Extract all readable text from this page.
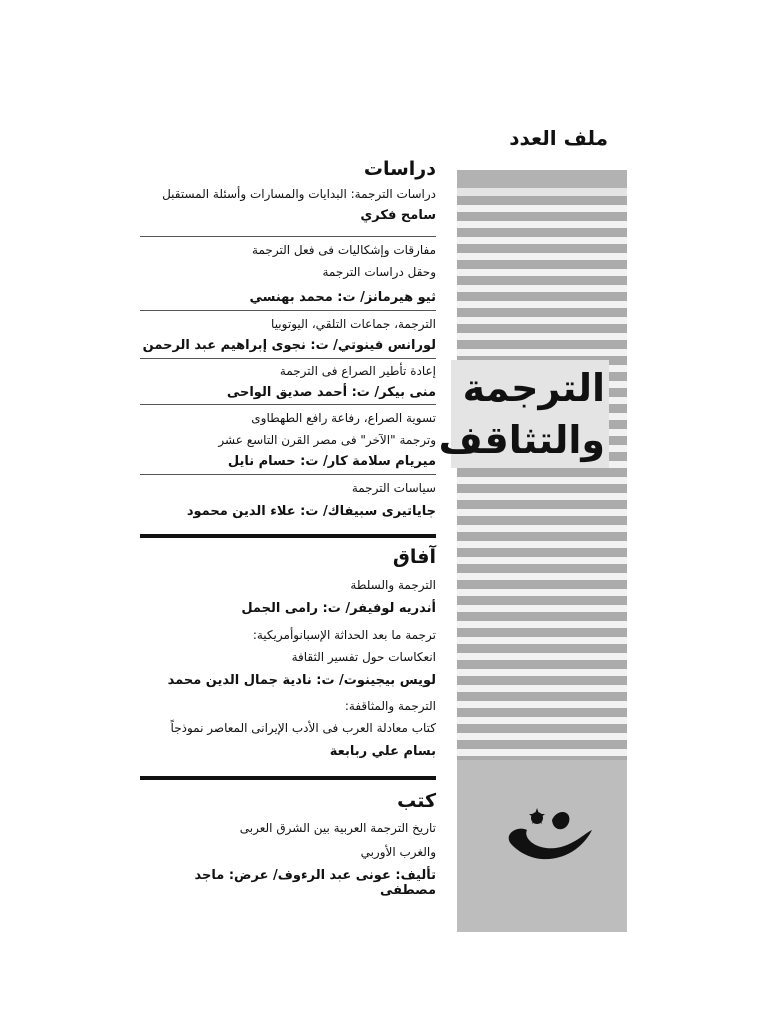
ملف العدد
الترجمة
والتثاقف
دراسات
دراسات الترجمة: البدايات والمسارات وأسئلة المستقبل
سامح فكري
مفارقات وإشكاليات فى فعل الترجمة
وحقل دراسات الترجمة
ثيو هيرمانز/ ت: محمد بهنسي
الترجمة، جماعات التلقي، اليوتوبيا
لورانس فينوتي/ ت: نجوى إبراهيم عبد الرحمن
إعادة تأطير الصراع فى الترجمة
منى بيكر/ ت: أحمد صديق الواحى
تسوية الصراع، رفاعة رافع الطهطاوى
وترجمة "الآخر" فى مصر القرن التاسع عشر
ميريام سلامة كار/ ت: حسام نايل
سياسات الترجمة
جاياتيرى سبيفاك/ ت: علاء الدين محمود
آفاق
الترجمة والسلطة
أندريه لوفيفر/ ت: رامى الجمل
ترجمة ما بعد الحداثة الإسبانوأمريكية:
انعكاسات حول تفسير الثقافة
لويس بيجينوت/ ت: نادية جمال الدين محمد
الترجمة والمثاقفة:
كتاب معادلة العرب فى الأدب الإيرانى المعاصر نموذجاً
بسام علي ربابعة
كتب
تاريخ الترجمة العربية بين الشرق العربى
والغرب الأوربي
تأليف: عونى عبد الرءوف/ عرض: ماجد مصطفى
